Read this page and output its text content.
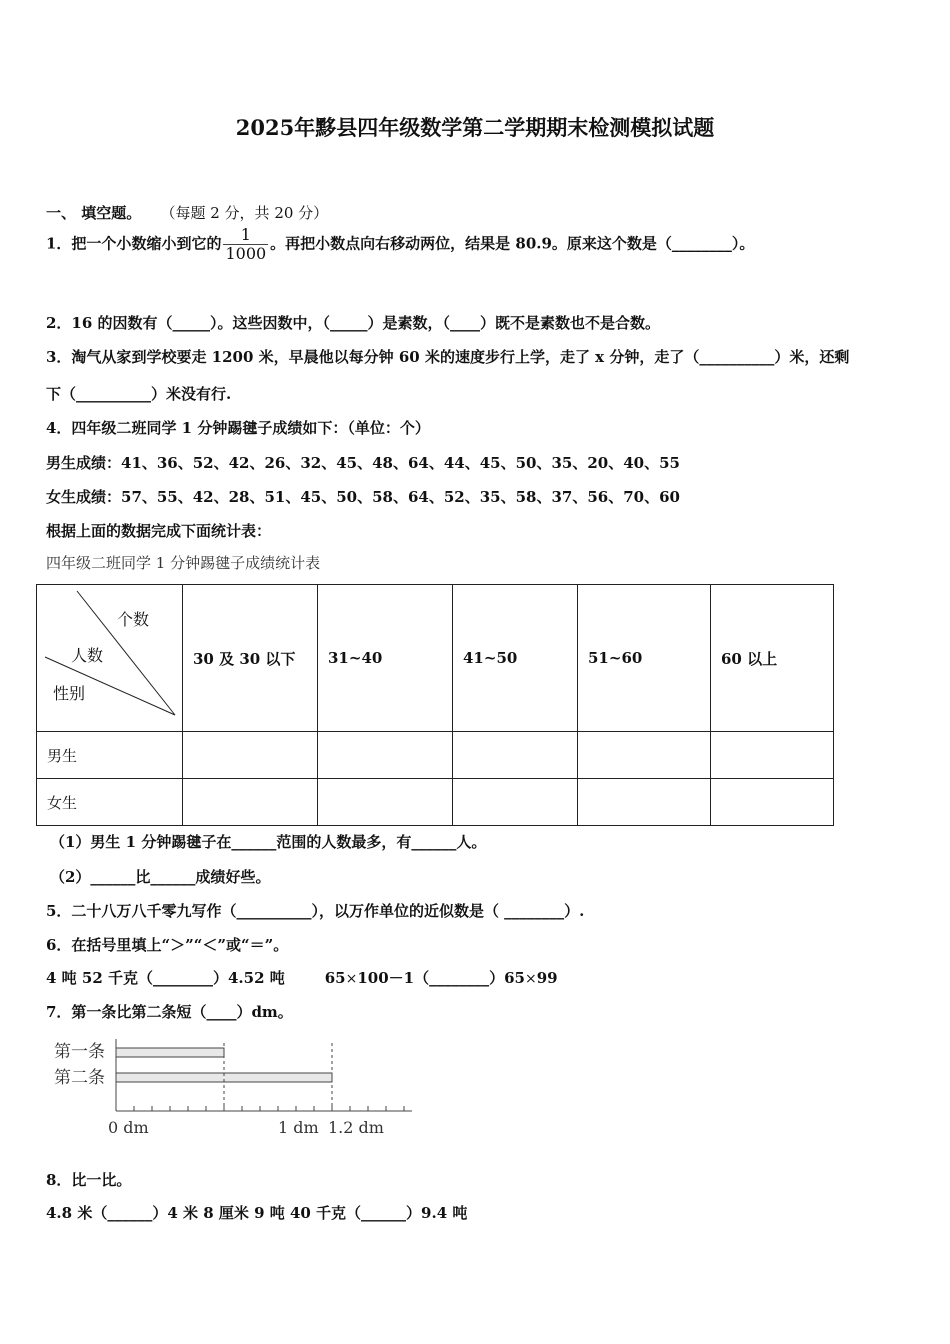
2025年黟县四年级数学第二学期期末检测模拟试题
一、 填空题。 （每题 2 分，共 20 分）
1．把一个小数缩小到它的 $\frac{1}{1000}$ 。再把小数点向右移动两位，结果是 80.9。原来这个数是（________）。
2．16 的因数有（_____）。这些因数中，（_____）是素数，（____）既不是素数也不是合数。
3．淘气从家到学校要走 1200 米，早晨他以每分钟 60 米的速度步行上学，走了 x 分钟，走了（__________）米，还剩
下（__________）米没有行.
4．四年级二班同学 1 分钟踢毽子成绩如下：（单位：个）
男生成绩：41、36、52、42、26、32、45、48、64、44、45、50、35、20、40、55
女生成绩：57、55、42、28、51、45、50、58、64、52、35、58、37、56、70、60
根据上面的数据完成下面统计表：
四年级二班同学 1 分钟踢毽子成绩统计表
个数
人数
性别	30 及 30 以下	31~40	41~50	51~60	60 以上
男生					
女生					
（1）男生 1 分钟踢毽子在______范围的人数最多，有______人。
（2）______比______成绩好些。
5．二十八万八千零九写作（__________），以万作单位的近似数是（ ________）.
6．在括号里填上“＞”“＜”或“＝”。
4 吨 52 千克（________）4.52 吨	65×100－1（________）65×99
7．第一条比第二条短（____）dm。
第一条
第二条
0 dm	1 dm 1.2 dm
8．比一比。
4.8 米（______）4 米 8 厘米 9 吨 40 千克（______）9.4 吨
